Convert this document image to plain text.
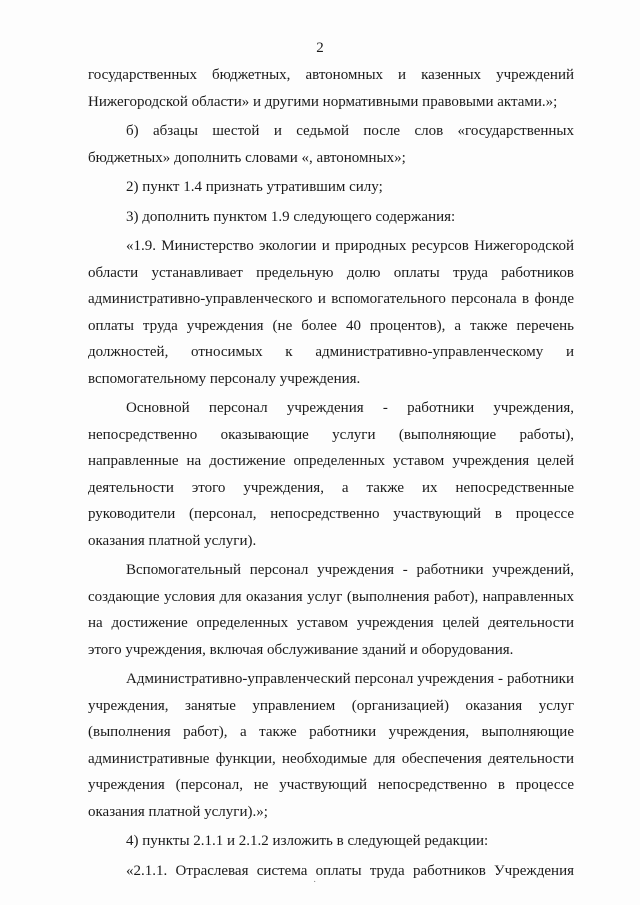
2
государственных бюджетных, автономных и казенных учреждений
Нижегородской области» и другими нормативными правовыми актами.»;
б) абзацы шестой и седьмой после слов «государственных
бюджетных» дополнить словами «, автономных»;
2) пункт 1.4 признать утратившим силу;
3) дополнить пунктом 1.9 следующего содержания:
«1.9. Министерство экологии и природных ресурсов Нижегородской
области устанавливает предельную долю оплаты труда работников
административно-управленческого и вспомогательного персонала в фонде
оплаты труда учреждения (не более 40 процентов), а также перечень
должностей, относимых к административно-управленческому и
вспомогательному персоналу учреждения.
Основной персонал учреждения - работники учреждения,
непосредственно оказывающие услуги (выполняющие работы),
направленные на достижение определенных уставом учреждения целей
деятельности этого учреждения, а также их непосредственные
руководители (персонал, непосредственно участвующий в процессе
оказания платной услуги).
Вспомогательный персонал учреждения - работники учреждений,
создающие условия для оказания услуг (выполнения работ), направленных
на достижение определенных уставом учреждения целей деятельности
этого учреждения, включая обслуживание зданий и оборудования.
Административно-управленческий персонал учреждения - работники
учреждения, занятые управлением (организацией) оказания услуг
(выполнения работ), а также работники учреждения, выполняющие
административные функции, необходимые для обеспечения деятельности
учреждения (персонал, не участвующий непосредственно в процессе
оказания платной услуги).»;
4) пункты 2.1.1 и 2.1.2 изложить в следующей редакции:
«2.1.1. Отраслевая система оплаты труда работников Учреждения
˙
